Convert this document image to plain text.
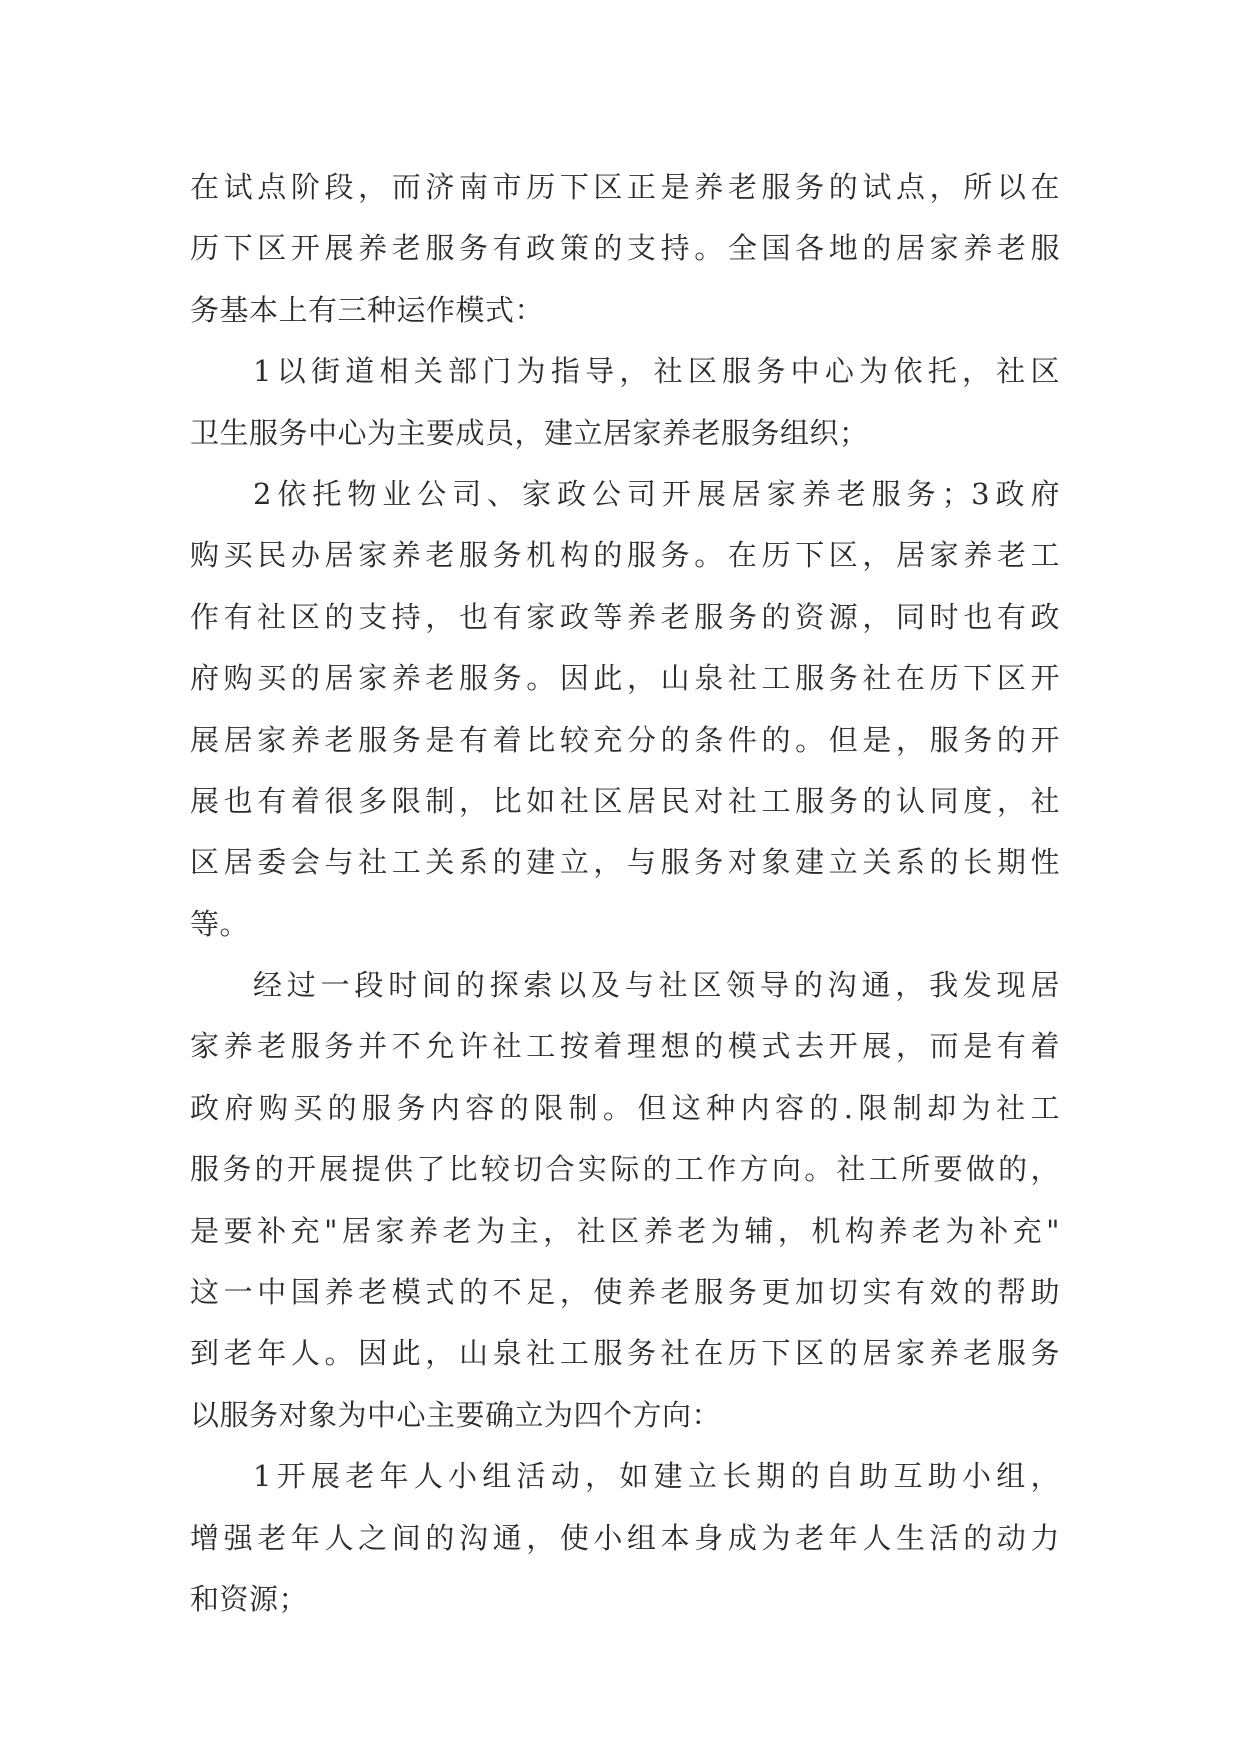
在试点阶段，而济南市历下区正是养老服务的试点，所以在
历下区开展养老服务有政策的支持。全国各地的居家养老服
务基本上有三种运作模式：
1以街道相关部门为指导，社区服务中心为依托，社区
卫生服务中心为主要成员，建立居家养老服务组织；
2依托物业公司、家政公司开展居家养老服务；3政府
购买民办居家养老服务机构的服务。在历下区，居家养老工
作有社区的支持，也有家政等养老服务的资源，同时也有政
府购买的居家养老服务。因此，山泉社工服务社在历下区开
展居家养老服务是有着比较充分的条件的。但是，服务的开
展也有着很多限制，比如社区居民对社工服务的认同度，社
区居委会与社工关系的建立，与服务对象建立关系的长期性
等。
经过一段时间的探索以及与社区领导的沟通，我发现居
家养老服务并不允许社工按着理想的模式去开展，而是有着
政府购买的服务内容的限制。但这种内容的.限制却为社工
服务的开展提供了比较切合实际的工作方向。社工所要做的，
是要补充"居家养老为主，社区养老为辅，机构养老为补充"
这一中国养老模式的不足，使养老服务更加切实有效的帮助
到老年人。因此，山泉社工服务社在历下区的居家养老服务
以服务对象为中心主要确立为四个方向：
1开展老年人小组活动，如建立长期的自助互助小组，
增强老年人之间的沟通，使小组本身成为老年人生活的动力
和资源；
